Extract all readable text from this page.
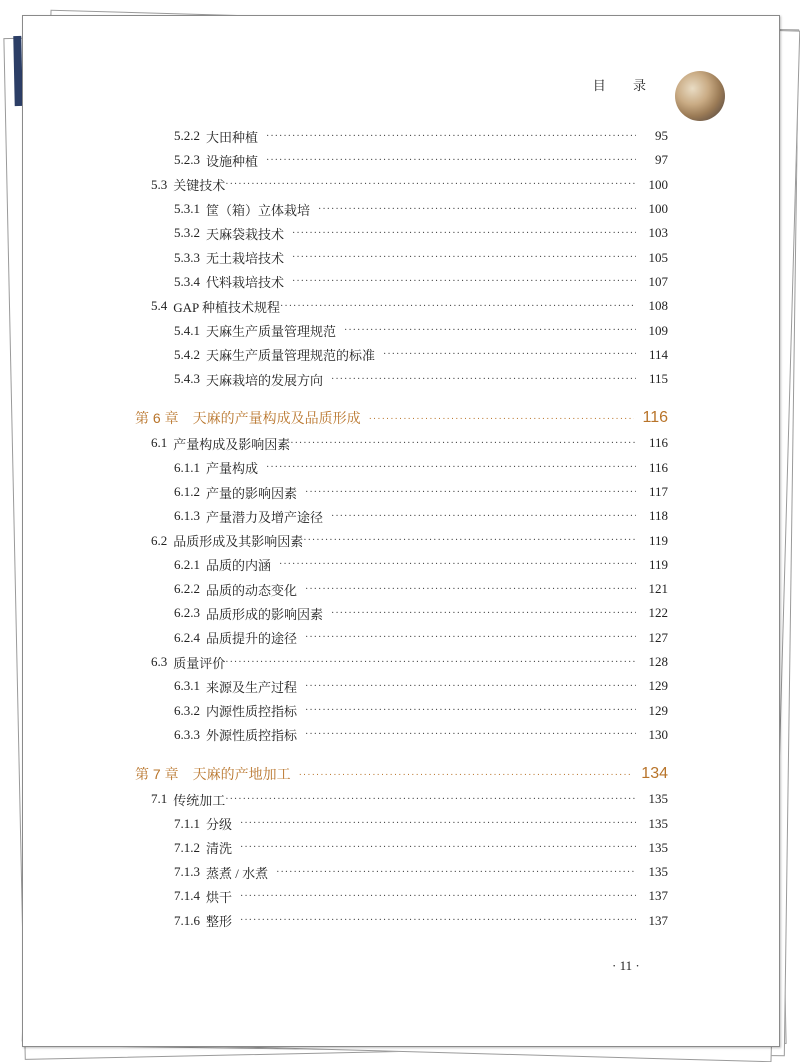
目 录
5.2.2 大田种植 ·····	95
5.2.3 设施种植 ·····	97
5.3 关键技术 ·····	100
5.3.1 筐（箱）立体栽培 ·····	100
5.3.2 天麻袋栽技术 ·····	103
5.3.3 无土栽培技术 ·····	105
5.3.4 代料栽培技术 ·····	107
5.4 GAP 种植技术规程 ·····	108
5.4.1 天麻生产质量管理规范 ·····	109
5.4.2 天麻生产质量管理规范的标准 ·····	114
5.4.3 天麻栽培的发展方向 ·····	115
第 6 章 天麻的产量构成及品质形成 ·····	116
6.1 产量构成及影响因素 ·····	116
6.1.1 产量构成 ·····	116
6.1.2 产量的影响因素 ·····	117
6.1.3 产量潜力及增产途径 ·····	118
6.2 品质形成及其影响因素 ·····	119
6.2.1 品质的内涵 ·····	119
6.2.2 品质的动态变化 ·····	121
6.2.3 品质形成的影响因素 ·····	122
6.2.4 品质提升的途径 ·····	127
6.3 质量评价 ·····	128
6.3.1 来源及生产过程 ·····	129
6.3.2 内源性质控指标 ·····	129
6.3.3 外源性质控指标 ·····	130
第 7 章 天麻的产地加工 ·····	134
7.1 传统加工 ·····	135
7.1.1 分级 ·····	135
7.1.2 清洗 ·····	135
7.1.3 蒸煮 / 水煮 ·····	135
7.1.4 烘干 ·····	137
7.1.6 整形 ·····	137
· 11 ·
